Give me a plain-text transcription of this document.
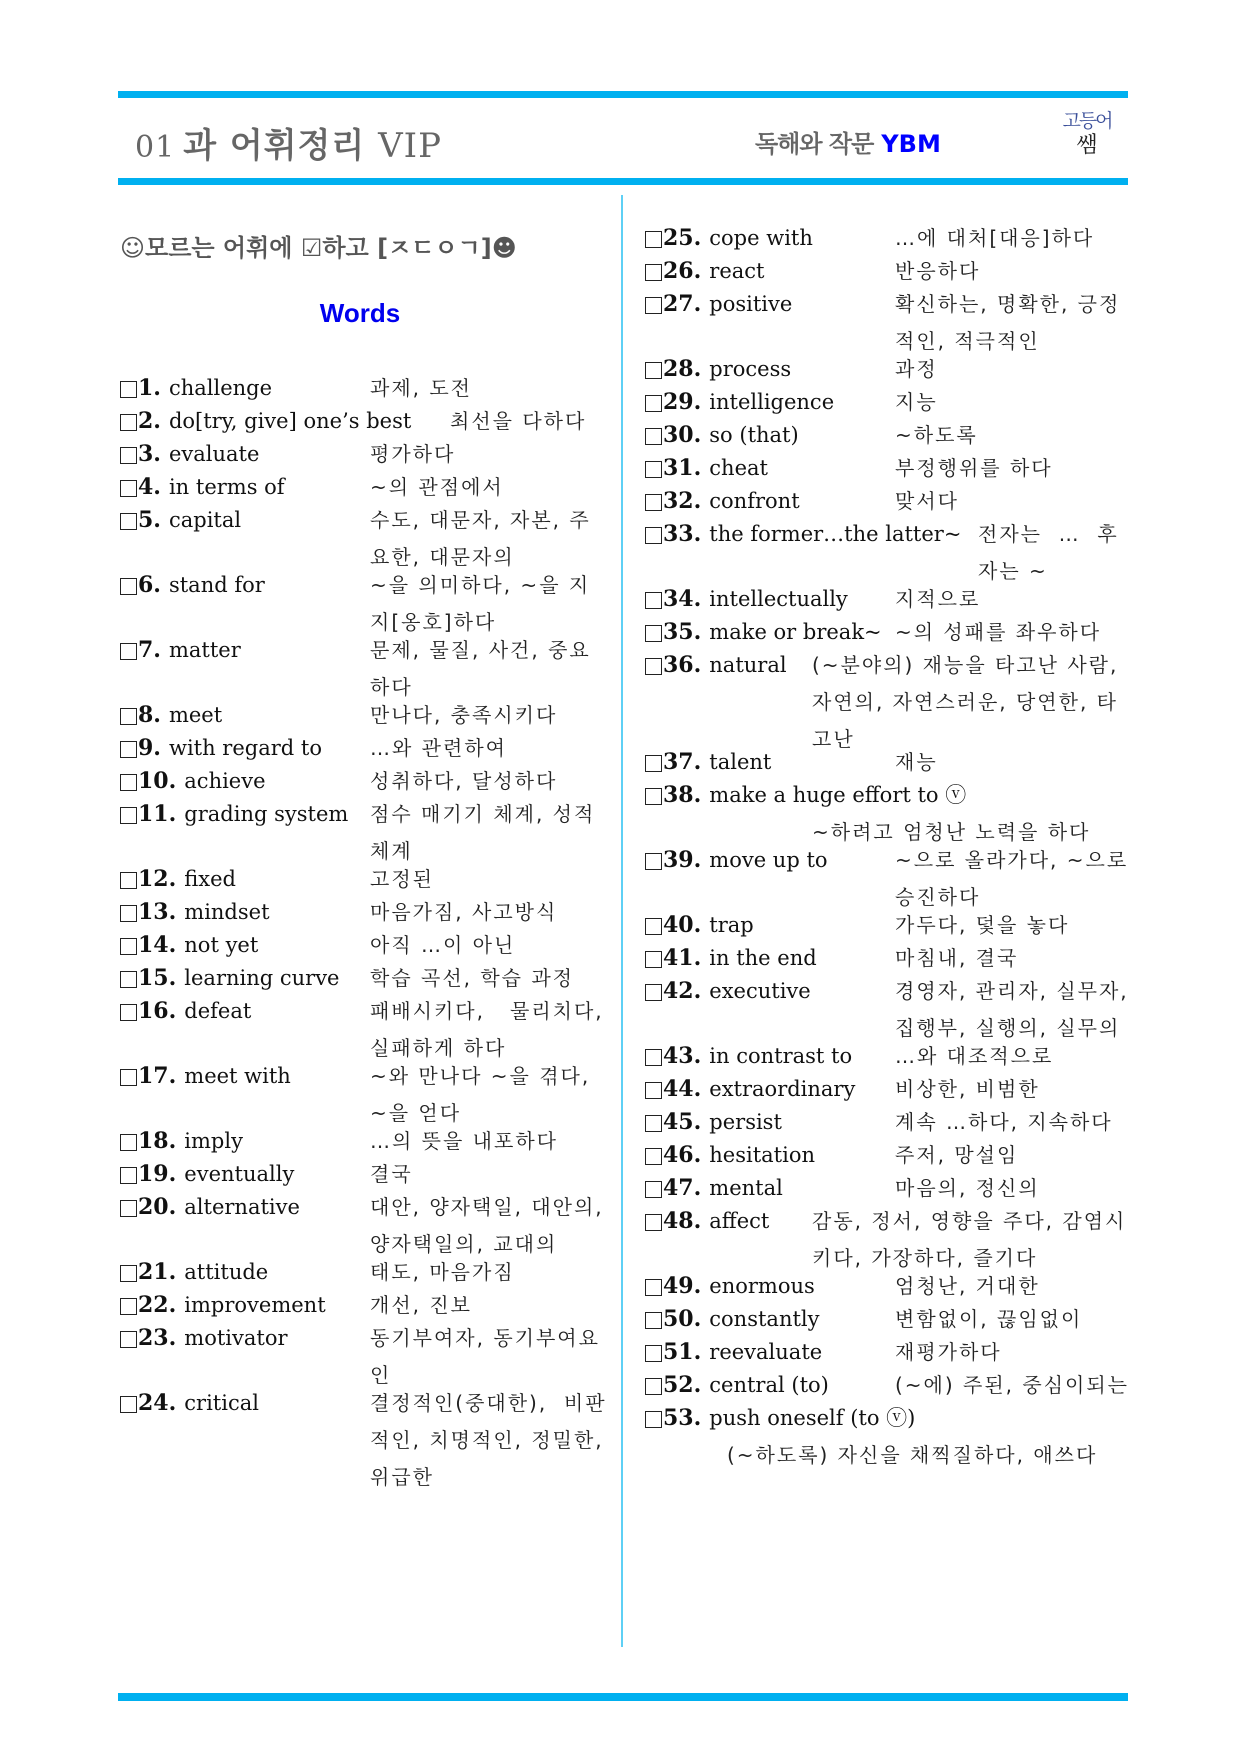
01 과 어휘정리 VIP	독해와 작문 YBM
고등어
쌤
☺모르는 어휘에 ☑하고 [ㅈㄷㅇㄱ]☻
Words
1. challenge	과제, 도전
2. do[try, give] one’s best 최선을 다하다
3. evaluate	평가하다
4. in terms of	~의 관점에서
5. capital	수도, 대문자, 자본, 주
요한, 대문자의
6. stand for	~을 의미하다, ~을 지
지[옹호]하다
7. matter	문제, 물질, 사건, 중요
하다
8. meet	만나다, 충족시키다
9. with regard to …와 관련하여
10. achieve	성취하다, 달성하다
11. grading system 점수 매기기 체계, 성적
체계
12. fixed	고정된
13. mindset	마음가짐, 사고방식
14. not yet	아직 …이 아닌
15. learning curve 학습 곡선, 학습 과정
16. defeat	패배시키다,   물리치다,
실패하게 하다
17. meet with	~와 만나다 ~을 겪다,
~을 얻다
18. imply	…의 뜻을 내포하다
19. eventually	결국
20. alternative	대안, 양자택일, 대안의,
양자택일의, 교대의
21. attitude	태도, 마음가짐
22. improvement 개선, 진보
23. motivator	동기부여자, 동기부여요
인
24. critical	결정적인(중대한),  비판
적인, 치명적인, 정밀한,
위급한
25. cope with	…에 대처[대응]하다
26. react	반응하다
27. positive	확신하는, 명확한, 긍정
적인, 적극적인
28. process	과정
29. intelligence	지능
30. so (that)	~하도록
31. cheat	부정행위를 하다
32. confront	맞서다
33. the former…the latter~ 전자는  …  후
자는 ~
34. intellectually 지적으로
35. make or break~ ~의 성패를 좌우하다
36. natural (~분야의) 재능을 타고난 사람,
자연의, 자연스러운, 당연한, 타
고난
37. talent	재능
38. make a huge effort to ⓥ
~하려고 엄청난 노력을 하다
39. move up to	~으로 올라가다, ~으로
승진하다
40. trap	가두다, 덫을 놓다
41. in the end	마침내, 결국
42. executive	경영자, 관리자, 실무자,
집행부, 실행의, 실무의
43. in contrast to …와 대조적으로
44. extraordinary 비상한, 비범한
45. persist	계속 …하다, 지속하다
46. hesitation	주저, 망설임
47. mental	마음의, 정신의
48. affect 감동, 정서, 영향을 주다, 감염시
키다, 가장하다, 즐기다
49. enormous	엄청난, 거대한
50. constantly	변함없이, 끊임없이
51. reevaluate	재평가하다
52. central (to)	(~에) 주된, 중심이되는
53. push oneself (to ⓥ)
(~하도록) 자신을 채찍질하다, 애쓰다
